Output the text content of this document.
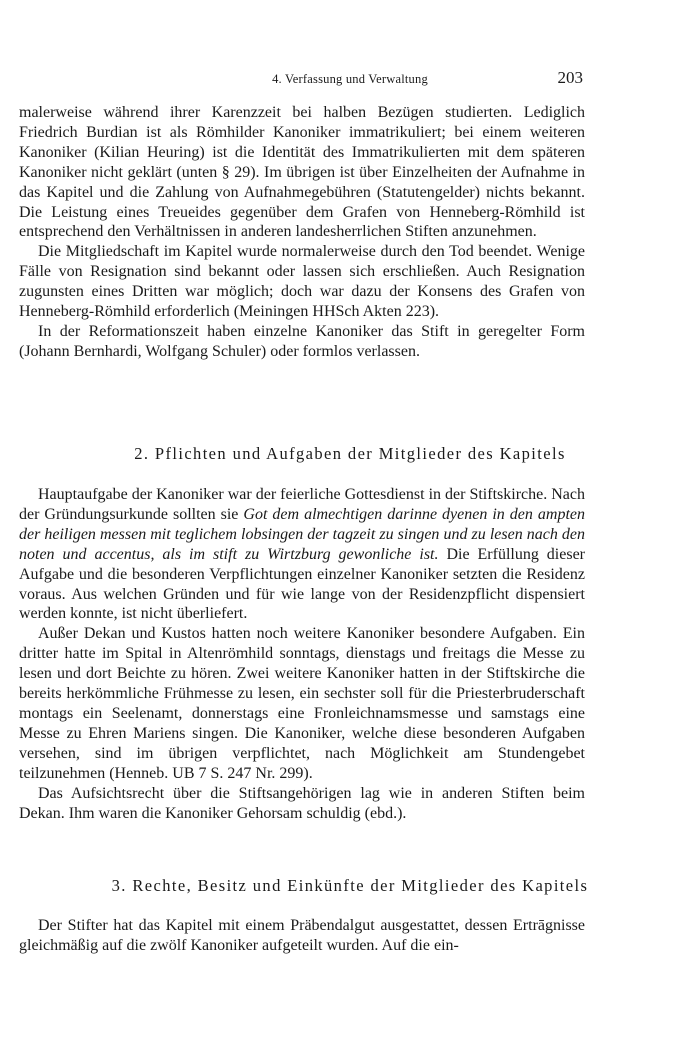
4. Verfassung und Verwaltung	203

malerweise während ihrer Karenzzeit bei halben Bezügen studierten. Lediglich Friedrich Burdian ist als Römhilder Kanoniker immatrikuliert; bei einem weiteren Kanoniker (Kilian Heuring) ist die Identität des Immatrikulierten mit dem späteren Kanoniker nicht geklärt (unten § 29). Im übrigen ist über Einzelheiten der Aufnahme in das Kapitel und die Zahlung von Aufnahmegebühren (Statutengelder) nichts bekannt. Die Leistung eines Treueides gegenüber dem Grafen von Henneberg-Römhild ist entsprechend den Verhältnissen in anderen landesherrlichen Stiften anzunehmen.

Die Mitgliedschaft im Kapitel wurde normalerweise durch den Tod beendet. Wenige Fälle von Resignation sind bekannt oder lassen sich erschließen. Auch Resignation zugunsten eines Dritten war möglich; doch war dazu der Konsens des Grafen von Henneberg-Römhild erforderlich (Meiningen HHSch Akten 223).

In der Reformationszeit haben einzelne Kanoniker das Stift in geregelter Form (Johann Bernhardi, Wolfgang Schuler) oder formlos verlassen.

2. Pflichten und Aufgaben der Mitglieder des Kapitels

Hauptaufgabe der Kanoniker war der feierliche Gottesdienst in der Stiftskirche. Nach der Gründungsurkunde sollten sie Got dem almechtigen darinne dyenen in den ampten der heiligen messen mit teglichem lobsingen der tagzeit zu singen und zu lesen nach den noten und accentus, als im stift zu Wirtzburg gewonliche ist. Die Erfüllung dieser Aufgabe und die besonderen Verpflichtungen einzelner Kanoniker setzten die Residenz voraus. Aus welchen Gründen und für wie lange von der Residenzpflicht dispensiert werden konnte, ist nicht überliefert.

Außer Dekan und Kustos hatten noch weitere Kanoniker besondere Aufgaben. Ein dritter hatte im Spital in Altenrömhild sonntags, dienstags und freitags die Messe zu lesen und dort Beichte zu hören. Zwei weitere Kanoniker hatten in der Stiftskirche die bereits herkömmliche Frühmesse zu lesen, ein sechster soll für die Priesterbruderschaft montags ein Seelenamt, donnerstags eine Fronleichnamsmesse und samstags eine Messe zu Ehren Mariens singen. Die Kanoniker, welche diese besonderen Aufgaben versehen, sind im übrigen verpflichtet, nach Möglichkeit am Stundengebet teilzunehmen (Henneb. UB 7 S. 247 Nr. 299).

Das Aufsichtsrecht über die Stiftsangehörigen lag wie in anderen Stiften beim Dekan. Ihm waren die Kanoniker Gehorsam schuldig (ebd.).

3. Rechte, Besitz und Einkünfte der Mitglieder des Kapitels

Der Stifter hat das Kapitel mit einem Präbendalgut ausgestattet, dessen Ertrāgnisse gleichmäßig auf die zwölf Kanoniker aufgeteilt wurden. Auf die ein-
